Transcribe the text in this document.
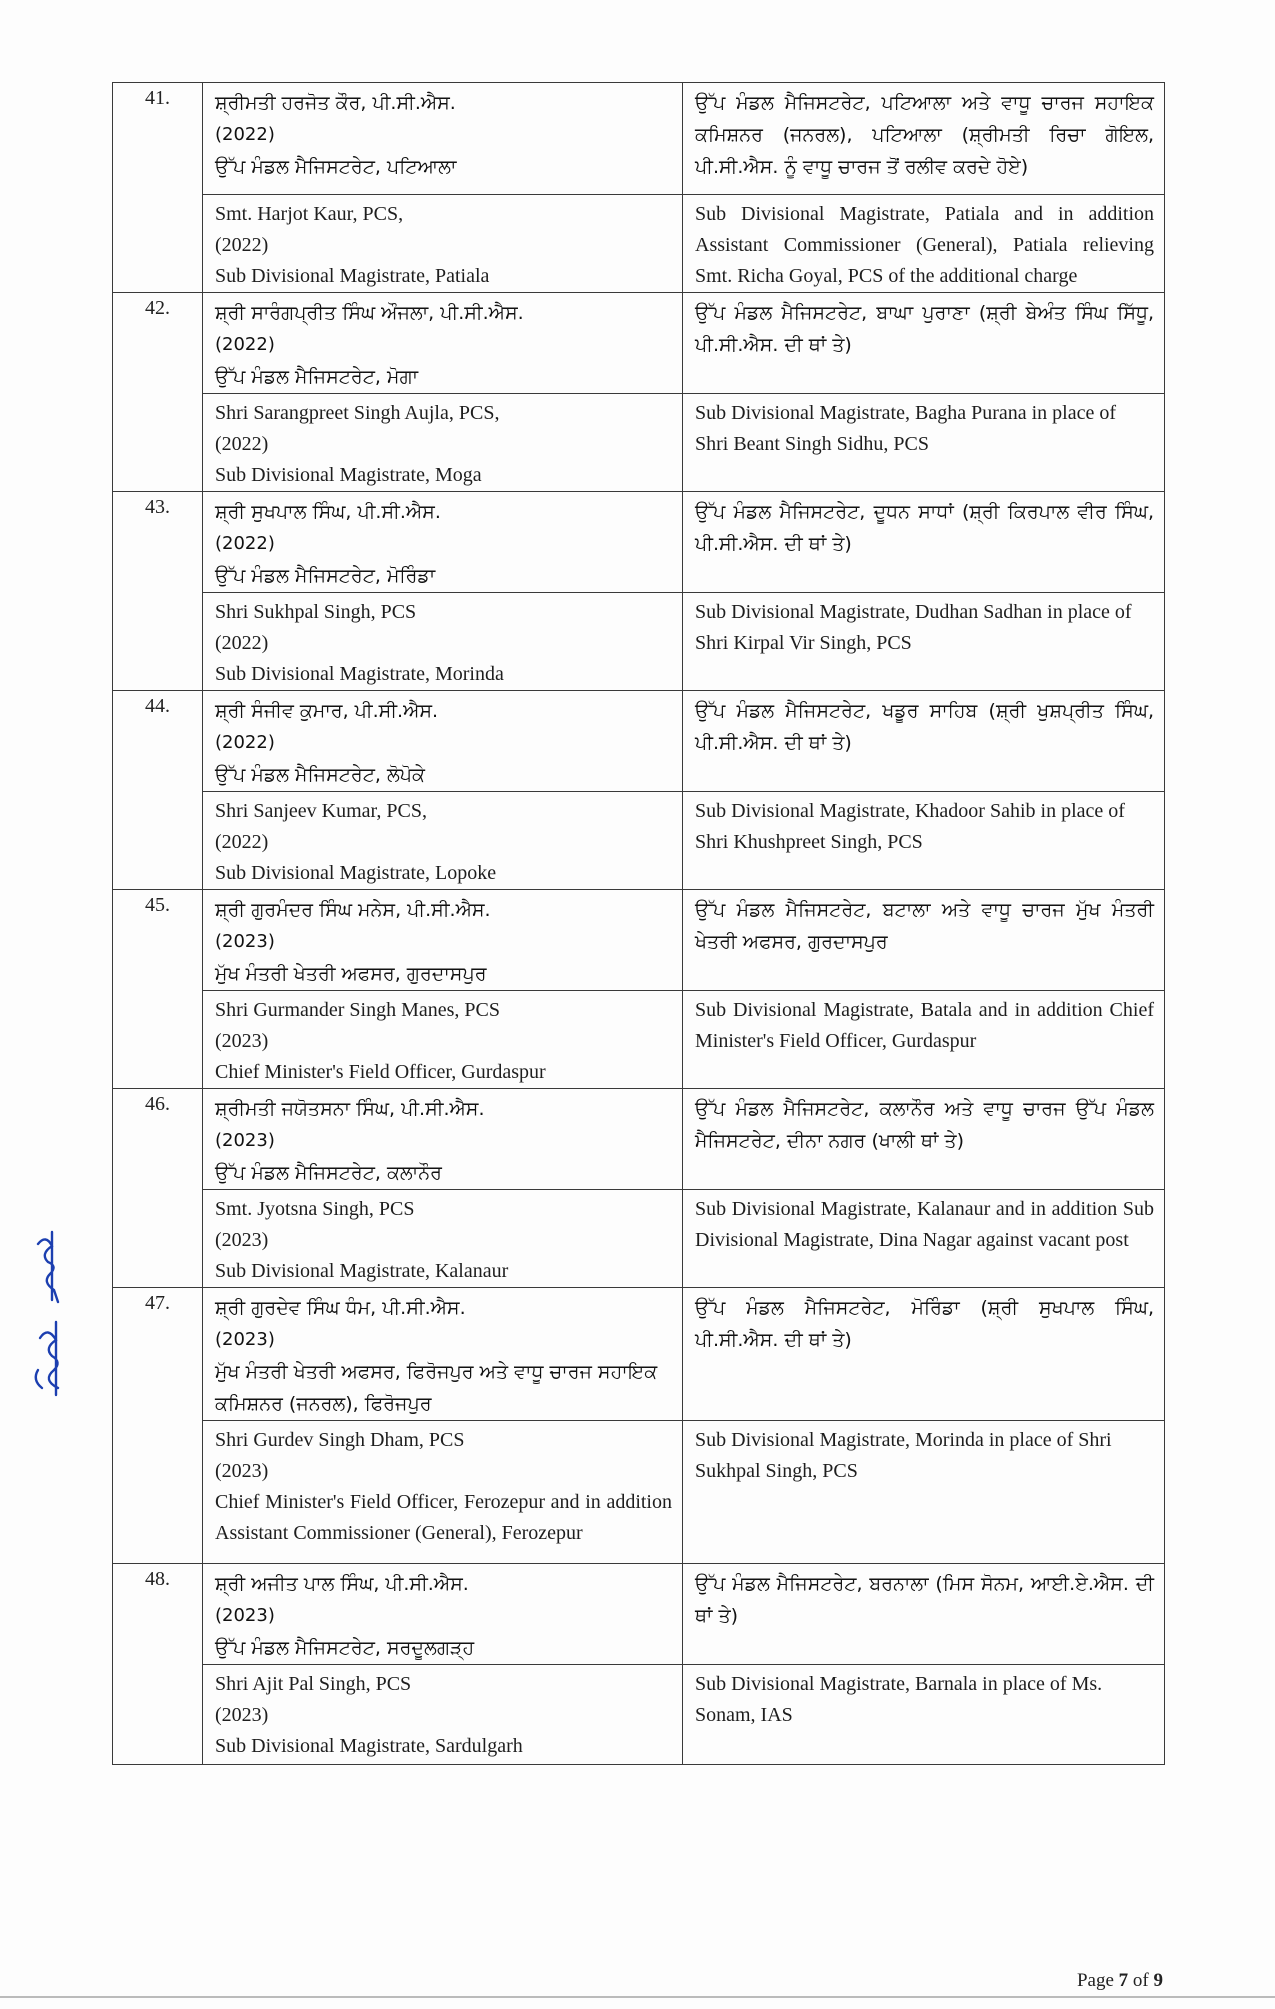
41.	ਸ਼੍ਰੀਮਤੀ ਹਰਜੋਤ ਕੌਰ, ਪੀ.ਸੀ.ਐਸ.
(2022)
ਉੱਪ ਮੰਡਲ ਮੈਜਿਸਟਰੇਟ, ਪਟਿਆਲਾ	ਉੱਪ ਮੰਡਲ ਮੈਜਿਸਟਰੇਟ, ਪਟਿਆਲਾ ਅਤੇ ਵਾਧੂ ਚਾਰਜ ਸਹਾਇਕ ਕਮਿਸ਼ਨਰ (ਜਨਰਲ), ਪਟਿਆਲਾ (ਸ਼੍ਰੀਮਤੀ ਰਿਚਾ ਗੋਇਲ, ਪੀ.ਸੀ.ਐਸ. ਨੂੰ ਵਾਧੂ ਚਾਰਜ ਤੋਂ ਰਲੀਵ ਕਰਦੇ ਹੋਏ)

	Smt. Harjot Kaur, PCS,
(2022)
Sub Divisional Magistrate, Patiala	Sub Divisional Magistrate, Patiala and in addition Assistant Commissioner (General), Patiala relieving Smt. Richa Goyal, PCS of the additional charge
42.	ਸ਼੍ਰੀ ਸਾਰੰਗਪ੍ਰੀਤ ਸਿੰਘ ਔਜਲਾ, ਪੀ.ਸੀ.ਐਸ.
(2022)
ਉੱਪ ਮੰਡਲ ਮੈਜਿਸਟਰੇਟ, ਮੋਗਾ	ਉੱਪ ਮੰਡਲ ਮੈਜਿਸਟਰੇਟ, ਬਾਘਾ ਪੁਰਾਣਾ (ਸ਼੍ਰੀ ਬੇਅੰਤ ਸਿੰਘ ਸਿੱਧੂ, ਪੀ.ਸੀ.ਐਸ. ਦੀ ਥਾਂ ਤੇ)

	Shri Sarangpreet Singh Aujla, PCS,
(2022)
Sub Divisional Magistrate, Moga	Sub Divisional Magistrate, Bagha Purana in place of Shri Beant Singh Sidhu, PCS
43.	ਸ਼੍ਰੀ ਸੁਖਪਾਲ ਸਿੰਘ, ਪੀ.ਸੀ.ਐਸ.
(2022)
ਉੱਪ ਮੰਡਲ ਮੈਜਿਸਟਰੇਟ, ਮੋਰਿੰਡਾ	ਉੱਪ ਮੰਡਲ ਮੈਜਿਸਟਰੇਟ, ਦੂਧਨ ਸਾਧਾਂ (ਸ਼੍ਰੀ ਕਿਰਪਾਲ ਵੀਰ ਸਿੰਘ, ਪੀ.ਸੀ.ਐਸ. ਦੀ ਥਾਂ ਤੇ)

	Shri Sukhpal Singh, PCS
(2022)
Sub Divisional Magistrate, Morinda	Sub Divisional Magistrate, Dudhan Sadhan in place of Shri Kirpal Vir Singh, PCS
44.	ਸ਼੍ਰੀ ਸੰਜੀਵ ਕੁਮਾਰ, ਪੀ.ਸੀ.ਐਸ.
(2022)
ਉੱਪ ਮੰਡਲ ਮੈਜਿਸਟਰੇਟ, ਲੋਪੋਕੇ	ਉੱਪ ਮੰਡਲ ਮੈਜਿਸਟਰੇਟ, ਖਡੂਰ ਸਾਹਿਬ (ਸ਼੍ਰੀ ਖੁਸ਼ਪ੍ਰੀਤ ਸਿੰਘ, ਪੀ.ਸੀ.ਐਸ. ਦੀ ਥਾਂ ਤੇ)

	Shri Sanjeev Kumar, PCS,
(2022)
Sub Divisional Magistrate, Lopoke	Sub Divisional Magistrate, Khadoor Sahib in place of Shri Khushpreet Singh, PCS
45.	ਸ਼੍ਰੀ ਗੁਰਮੰਦਰ ਸਿੰਘ ਮਨੇਸ, ਪੀ.ਸੀ.ਐਸ.
(2023)
ਮੁੱਖ ਮੰਤਰੀ ਖੇਤਰੀ ਅਫਸਰ, ਗੁਰਦਾਸਪੁਰ	ਉੱਪ ਮੰਡਲ ਮੈਜਿਸਟਰੇਟ, ਬਟਾਲਾ ਅਤੇ ਵਾਧੂ ਚਾਰਜ ਮੁੱਖ ਮੰਤਰੀ ਖੇਤਰੀ ਅਫਸਰ, ਗੁਰਦਾਸਪੁਰ

	Shri Gurmander Singh Manes, PCS
(2023)
Chief Minister's Field Officer, Gurdaspur	Sub Divisional Magistrate, Batala and in addition Chief Minister's Field Officer, Gurdaspur
46.	ਸ਼੍ਰੀਮਤੀ ਜਯੋਤਸਨਾ ਸਿੰਘ, ਪੀ.ਸੀ.ਐਸ.
(2023)
ਉੱਪ ਮੰਡਲ ਮੈਜਿਸਟਰੇਟ, ਕਲਾਨੌਰ	ਉੱਪ ਮੰਡਲ ਮੈਜਿਸਟਰੇਟ, ਕਲਾਨੌਰ ਅਤੇ ਵਾਧੂ ਚਾਰਜ ਉੱਪ ਮੰਡਲ ਮੈਜਿਸਟਰੇਟ, ਦੀਨਾ ਨਗਰ (ਖਾਲੀ ਥਾਂ ਤੇ)

	Smt. Jyotsna Singh, PCS
(2023)
Sub Divisional Magistrate, Kalanaur	Sub Divisional Magistrate, Kalanaur and in addition Sub Divisional Magistrate, Dina Nagar against vacant post
47.	ਸ਼੍ਰੀ ਗੁਰਦੇਵ ਸਿੰਘ ਧੰਮ, ਪੀ.ਸੀ.ਐਸ.
(2023)
ਮੁੱਖ ਮੰਤਰੀ ਖੇਤਰੀ ਅਫਸਰ, ਫਿਰੋਜਪੁਰ ਅਤੇ ਵਾਧੂ ਚਾਰਜ ਸਹਾਇਕ ਕਮਿਸ਼ਨਰ (ਜਨਰਲ), ਫਿਰੋਜਪੁਰ	ਉੱਪ ਮੰਡਲ ਮੈਜਿਸਟਰੇਟ, ਮੋਰਿੰਡਾ (ਸ਼੍ਰੀ ਸੁਖਪਾਲ ਸਿੰਘ, ਪੀ.ਸੀ.ਐਸ. ਦੀ ਥਾਂ ਤੇ)

	Shri Gurdev Singh Dham, PCS
(2023)
Chief Minister's Field Officer, Ferozepur and in addition Assistant Commissioner (General), Ferozepur	Sub Divisional Magistrate, Morinda in place of Shri Sukhpal Singh, PCS
48.	ਸ਼੍ਰੀ ਅਜੀਤ ਪਾਲ ਸਿੰਘ, ਪੀ.ਸੀ.ਐਸ.
(2023)
ਉੱਪ ਮੰਡਲ ਮੈਜਿਸਟਰੇਟ, ਸਰਦੂਲਗੜ੍ਹ	ਉੱਪ ਮੰਡਲ ਮੈਜਿਸਟਰੇਟ, ਬਰਨਾਲਾ (ਮਿਸ ਸੋਨਮ, ਆਈ.ਏ.ਐਸ. ਦੀ ਥਾਂ ਤੇ)

	Shri Ajit Pal Singh, PCS
(2023)
Sub Divisional Magistrate, Sardulgarh	Sub Divisional Magistrate, Barnala in place of Ms. Sonam, IAS
Page 7 of 9
